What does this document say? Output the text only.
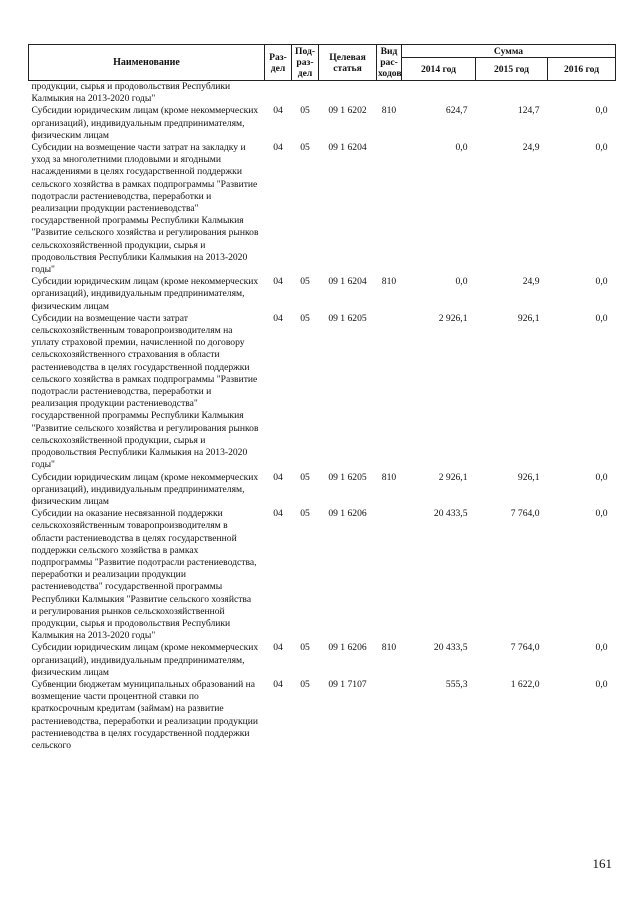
Наименование	Раз-дел	Под-раз-дел	Целевая статья	Вид рас-ходов	Сумма		
					2014 год	2015 год	2016 год
продукции, сырья и продовольствия Республики Калмыкия на 2013-2020 годы"							
Субсидии юридическим лицам (кроме некоммерческих организаций), индивидуальным предпринимателям, физическим лицам	04	05	09 1 6202	810	624,7	124,7	0,0
Субсидии на возмещение части затрат на закладку и уход за многолетними плодовыми и ягодными насаждениями в целях государственной поддержки сельского хозяйства в рамках подпрограммы "Развитие подотрасли растениеводства, переработки и реализации продукции растениеводства" государственной программы Республики Калмыкия "Развитие сельского хозяйства и регулирования рынков сельскохозяйственной продукции, сырья и продовольствия Республики Калмыкия на 2013-2020 годы"	04	05	09 1 6204		0,0	24,9	0,0
Субсидии юридическим лицам (кроме некоммерческих организаций), индивидуальным предпринимателям, физическим лицам	04	05	09 1 6204	810	0,0	24,9	0,0
Субсидии на возмещение части затрат сельскохозяйственным товаропроизводителям на уплату страховой премии, начисленной по договору сельскохозяйственного страхования в области растениеводства в целях государственной поддержки сельского хозяйства в рамках подпрограммы "Развитие подотрасли растениеводства, переработки и реализация продукции растениеводства" государственной программы Республики Калмыкия "Развитие сельского хозяйства и регулирования рынков сельскохозяйственной продукции, сырья и продовольствия Республики Калмыкия на 2013-2020 годы"	04	05	09 1 6205		2 926,1	926,1	0,0
Субсидии юридическим лицам (кроме некоммерческих организаций), индивидуальным предпринимателям, физическим лицам	04	05	09 1 6205	810	2 926,1	926,1	0,0
Субсидии на оказание несвязанной поддержки сельскохозяйственным товаропроизводителям в области растениеводства в целях государственной поддержки сельского хозяйства в рамках подпрограммы "Развитие подотрасли растениеводства, переработки и реализации продукции растениеводства" государственной программы Республики Калмыкия "Развитие сельского хозяйства и регулирования рынков сельскохозяйственной продукции, сырья и продовольствия Республики Калмыкия на 2013-2020 годы"	04	05	09 1 6206		20 433,5	7 764,0	0,0
Субсидии юридическим лицам (кроме некоммерческих организаций), индивидуальным предпринимателям, физическим лицам	04	05	09 1 6206	810	20 433,5	7 764,0	0,0
Субвенции бюджетам муниципальных образований на возмещение части процентной ставки по краткосрочным кредитам (займам) на развитие растениеводства, переработки и реализации продукции растениеводства в целях государственной поддержки сельского	04	05	09 1 7107		555,3	1 622,0	0,0
161
